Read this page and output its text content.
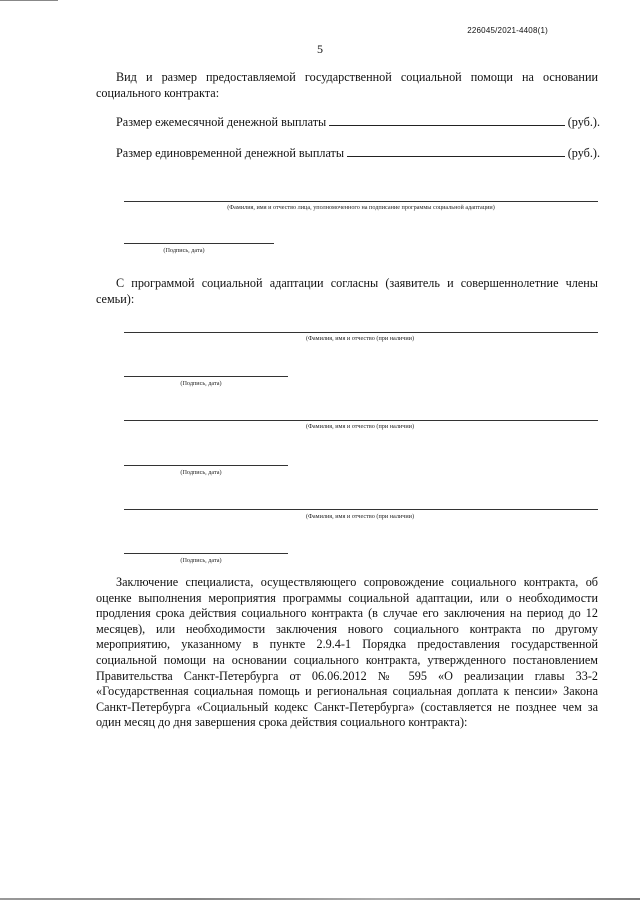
226045/2021-4408(1)
5
Вид и размер предоставляемой государственной социальной помощи на основании социального контракта:
Размер ежемесячной денежной выплаты	(руб.).
Размер единовременной денежной выплаты	(руб.).
(Фамилия, имя и отчество лица, уполномоченного на подписание программы социальной адаптации)
(Подпись, дата)
С программой социальной адаптации согласны (заявитель и совершеннолетние члены семьи):
(Фамилия, имя и отчество (при наличии)
(Подпись, дата)
(Фамилия, имя и отчество (при наличии)
(Подпись, дата)
(Фамилия, имя и отчество (при наличии)
(Подпись, дата)
Заключение специалиста, осуществляющего сопровождение социального контракта, об оценке выполнения мероприятия программы социальной адаптации, или о необходимости продления срока действия социального контракта (в случае его заключения на период до 12 месяцев), или необходимости заключения нового социального контракта по другому мероприятию, указанному в пункте 2.9.4-1 Порядка предоставления государственной социальной помощи на основании социального контракта, утвержденного постановлением Правительства Санкт-Петербурга от 06.06.2012 № 595 «О реализации главы 33-2 «Государственная социальная помощь и региональная социальная доплата к пенсии» Закона Санкт-Петербурга «Социальный кодекс Санкт-Петербурга» (составляется не позднее чем за один месяц до дня завершения срока действия социального контракта):
